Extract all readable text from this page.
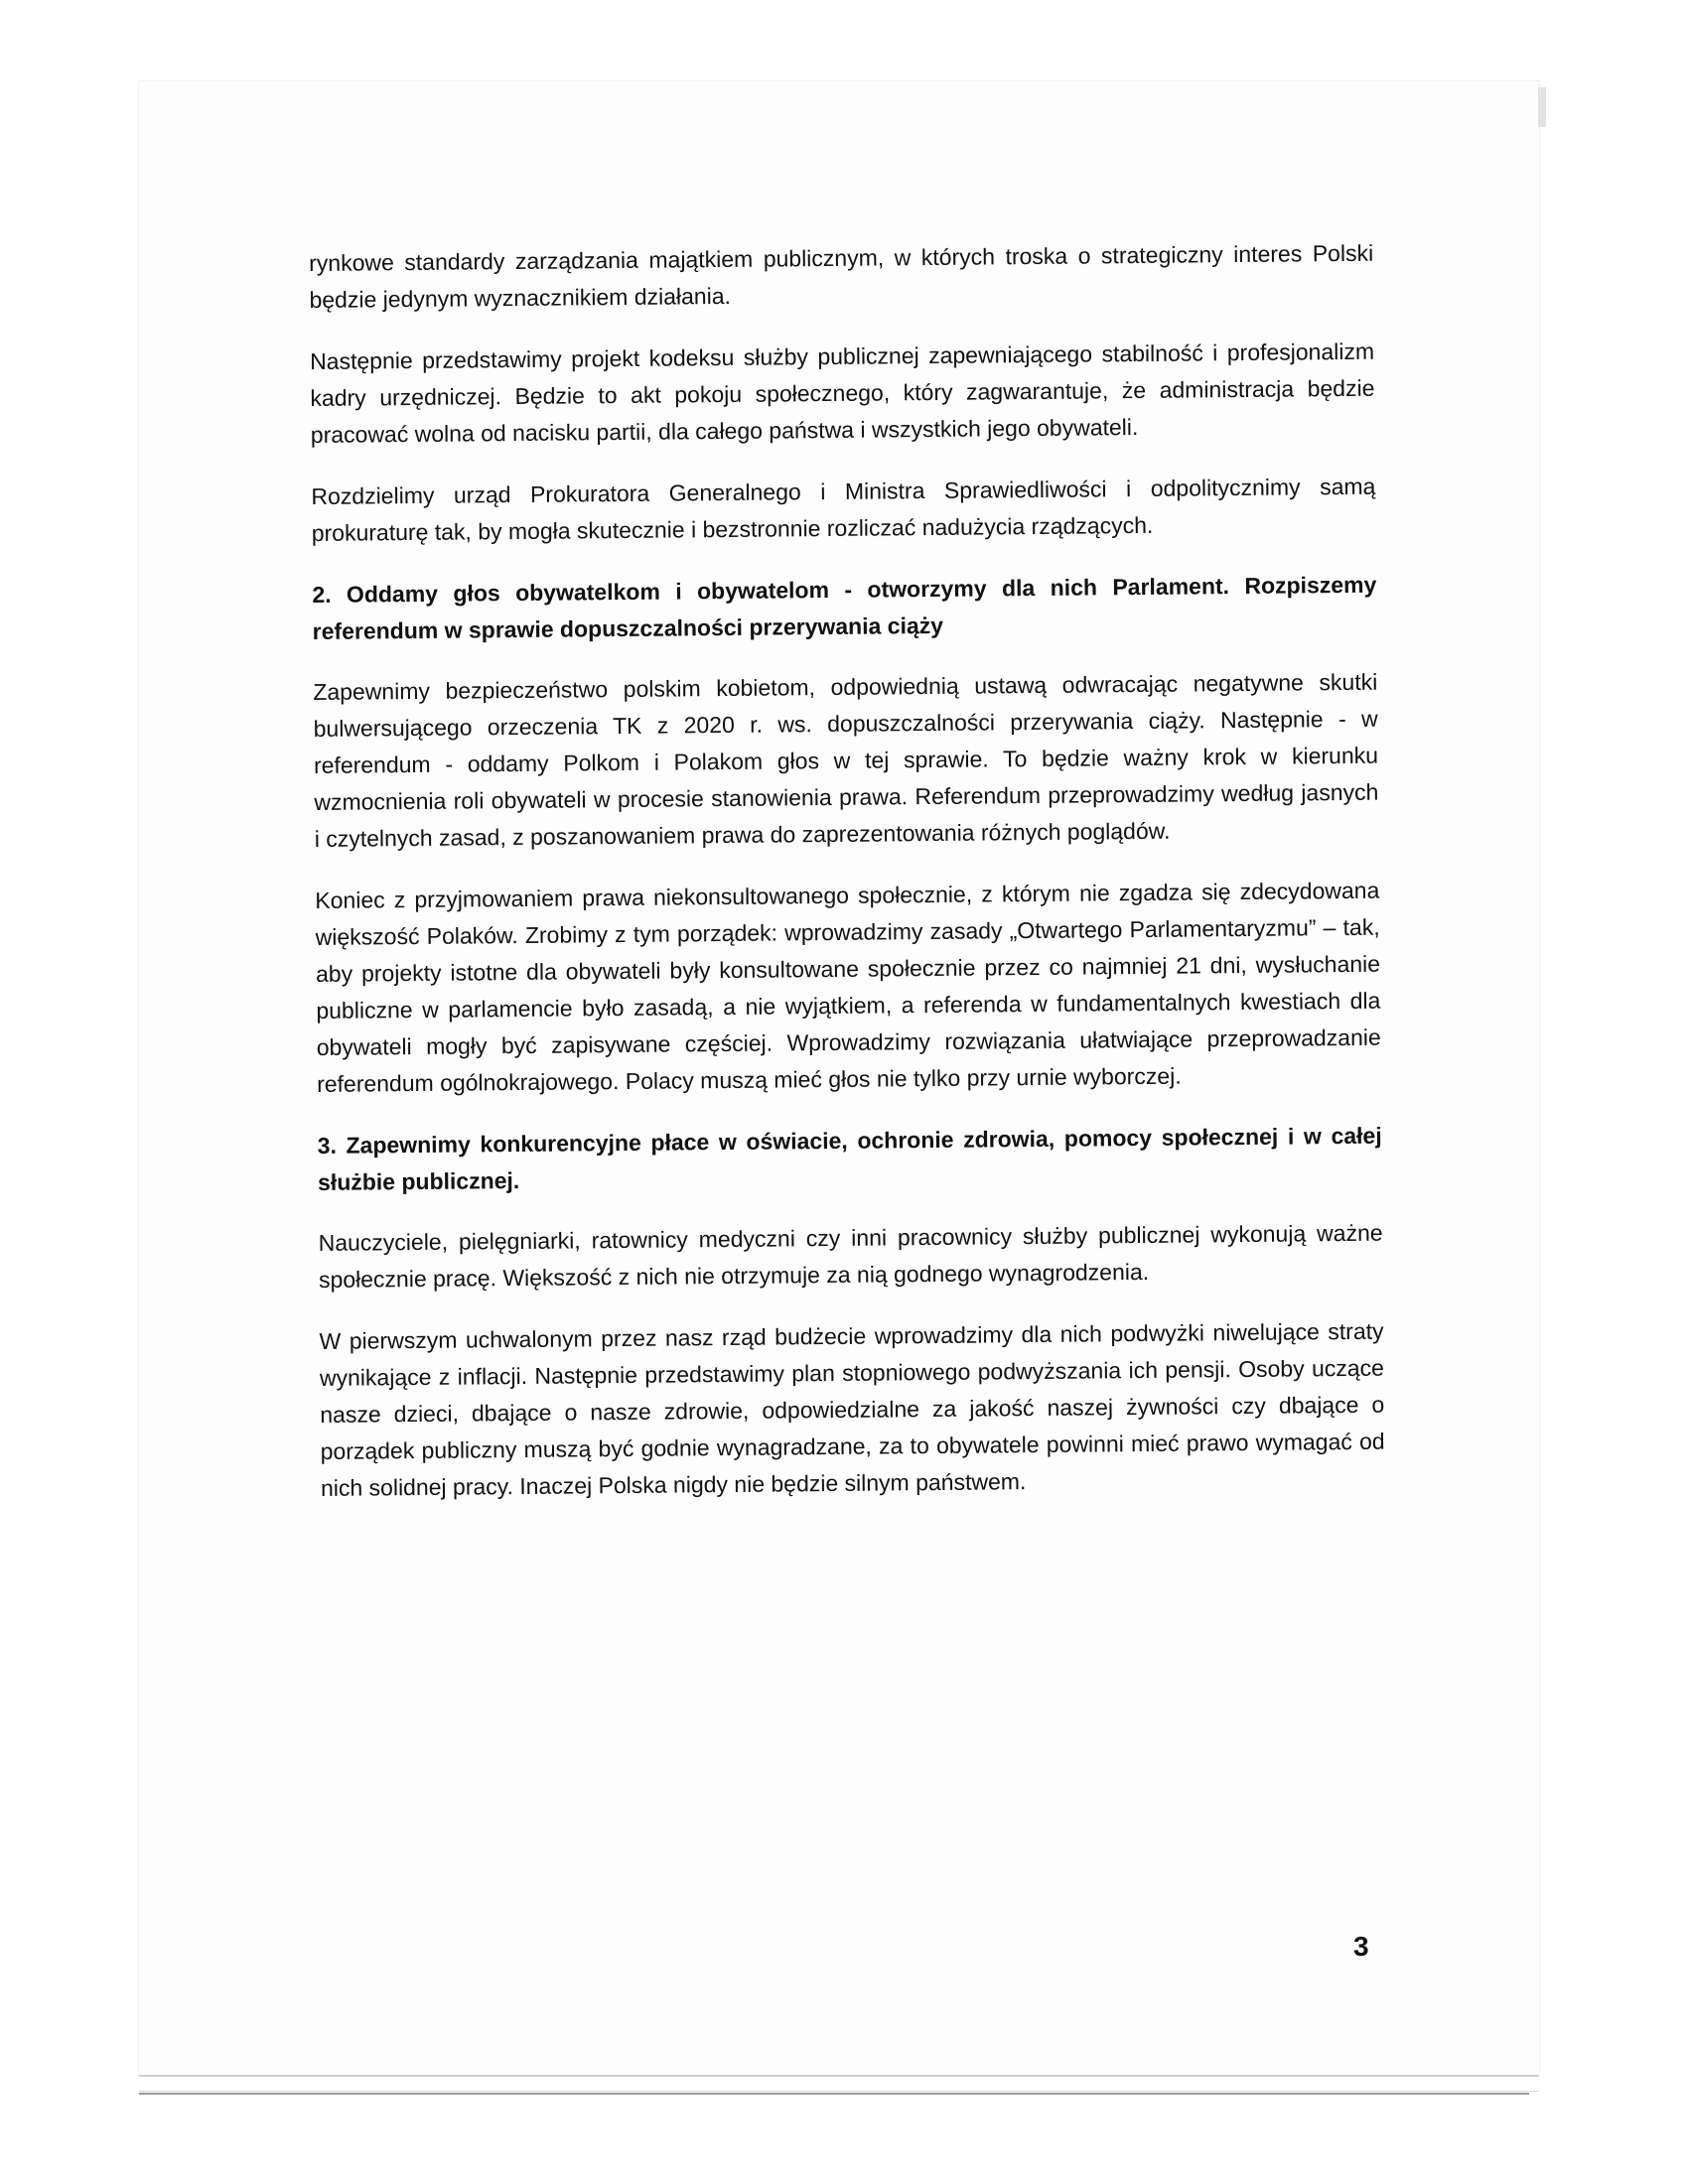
rynkowe standardy zarządzania majątkiem publicznym, w których troska o strategiczny interes Polski będzie jedynym wyznacznikiem działania.

Następnie przedstawimy projekt kodeksu służby publicznej zapewniającego stabilność i profesjonalizm kadry urzędniczej. Będzie to akt pokoju społecznego, który zagwarantuje, że administracja będzie pracować wolna od nacisku partii, dla całego państwa i wszystkich jego obywateli.

Rozdzielimy urząd Prokuratora Generalnego i Ministra Sprawiedliwości i odpolitycznimy samą prokuraturę tak, by mogła skutecznie i bezstronnie rozliczać nadużycia rządzących.

2. Oddamy głos obywatelkom i obywatelom - otworzymy dla nich Parlament. Rozpiszemy referendum w sprawie dopuszczalności przerywania ciąży

Zapewnimy bezpieczeństwo polskim kobietom, odpowiednią ustawą odwracając negatywne skutki bulwersującego orzeczenia TK z 2020 r. ws. dopuszczalności przerywania ciąży. Następnie - w referendum - oddamy Polkom i Polakom głos w tej sprawie. To będzie ważny krok w kierunku wzmocnienia roli obywateli w procesie stanowienia prawa. Referendum przeprowadzimy według jasnych i czytelnych zasad, z poszanowaniem prawa do zaprezentowania różnych poglądów.

Koniec z przyjmowaniem prawa niekonsultowanego społecznie, z którym nie zgadza się zdecydowana większość Polaków. Zrobimy z tym porządek: wprowadzimy zasady „Otwartego Parlamentaryzmu” – tak, aby projekty istotne dla obywateli były konsultowane społecznie przez co najmniej 21 dni, wysłuchanie publiczne w parlamencie było zasadą, a nie wyjątkiem, a referenda w fundamentalnych kwestiach dla obywateli mogły być zapisywane częściej. Wprowadzimy rozwiązania ułatwiające przeprowadzanie referendum ogólnokrajowego. Polacy muszą mieć głos nie tylko przy urnie wyborczej.

3. Zapewnimy konkurencyjne płace w oświacie, ochronie zdrowia, pomocy społecznej i w całej służbie publicznej.

Nauczyciele, pielęgniarki, ratownicy medyczni czy inni pracownicy służby publicznej wykonują ważne społecznie pracę. Większość z nich nie otrzymuje za nią godnego wynagrodzenia.

W pierwszym uchwalonym przez nasz rząd budżecie wprowadzimy dla nich podwyżki niwelujące straty wynikające z inflacji. Następnie przedstawimy plan stopniowego podwyższania ich pensji. Osoby uczące nasze dzieci, dbające o nasze zdrowie, odpowiedzialne za jakość naszej żywności czy dbające o porządek publiczny muszą być godnie wynagradzane, za to obywatele powinni mieć prawo wymagać od nich solidnej pracy. Inaczej Polska nigdy nie będzie silnym państwem.

3
